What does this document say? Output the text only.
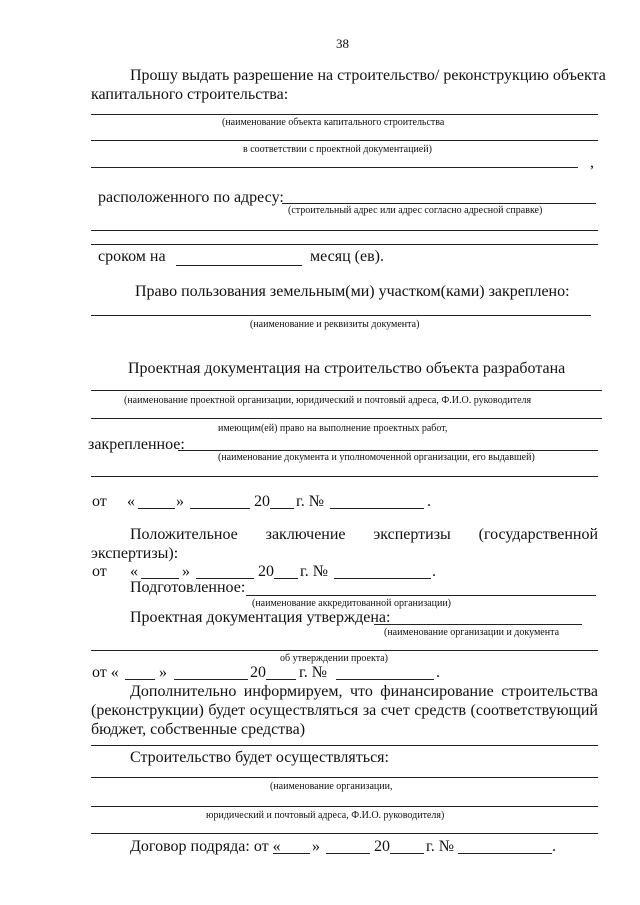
38
Прошу выдать разрешение на строительство/ реконструкцию объекта
капитального строительства:
(наименование объекта капитального строительства
в соответствии с проектной документацией)
,
расположенного по адресу:
(строительный адрес или адрес согласно адресной справке)
сроком на	месяц (ев).
Право пользования земельным(ми) участком(ками) закреплено:
(наименование и реквизиты документа)
Проектная документация на строительство объекта разработана
(наименование проектной организации, юридический и почтовый адреса, Ф.И.О. руководителя
имеющим(ей) право на выполнение проектных работ,
закрепленное:
(наименование документа и уполномоченной организации, его выдавшей)
от «	»	20 г. №	.
Положительное заключение экспертизы (государственной
экспертизы):
от «	»	20 г. №	.
Подготовленное:
(наименование аккредитованной организации)
Проектная документация утверждена:
(наименование организации и документа
об утверждении проекта)
от «	»	20 г. №	.
Дополнительно информируем, что финансирование строительства
(реконструкции) будет осуществляться за счет средств (соответствующий
бюджет, собственные средства)
Строительство будет осуществляться:
(наименование организации,
юридический и почтовый адреса, Ф.И.О. руководителя)
Договор подряда: от « »	20 г. №	.
